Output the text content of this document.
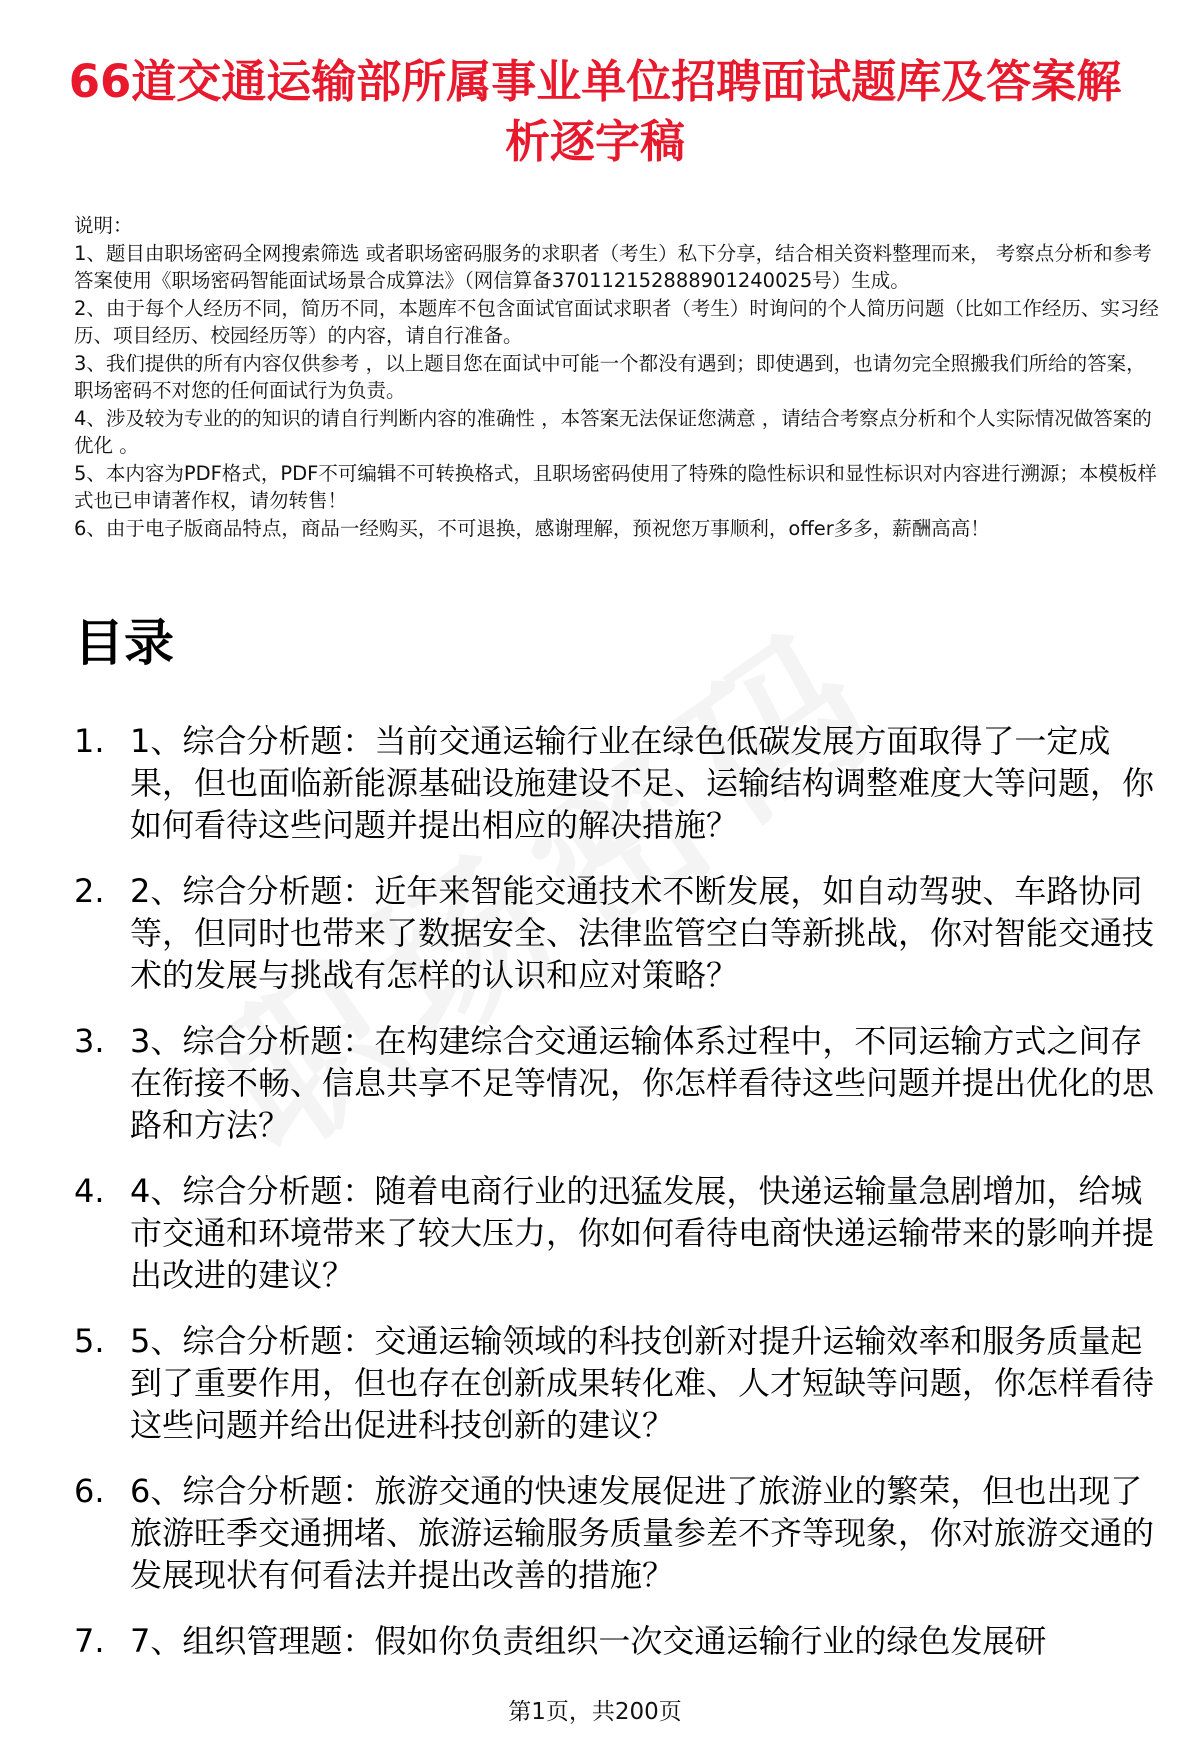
66道交通运输部所属事业单位招聘面试题库及答案解析逐字稿

说明：

1、题目由职场密码全网搜索筛选 或者职场密码服务的求职者（考生）私下分享，结合相关资料整理而来， 考察点分析和参考答案使用《职场密码智能面试场景合成算法》（网信算备370112152888901240025号）生成。

2、由于每个人经历不同，简历不同，本题库不包含面试官面试求职者（考生）时询问的个人简历问题（比如工作经历、实习经历、项目经历、校园经历等）的内容，请自行准备。

3、我们提供的所有内容仅供参考 ，以上题目您在面试中可能一个都没有遇到；即使遇到，也请勿完全照搬我们所给的答案，职场密码不对您的任何面试行为负责。

4、涉及较为专业的的知识的请自行判断内容的准确性 ，本答案无法保证您满意 ，请结合考察点分析和个人实际情况做答案的优化 。

5、本内容为PDF格式，PDF不可编辑不可转换格式，且职场密码使用了特殊的隐性标识和显性标识对内容进行溯源；本模板样式也已申请著作权，请勿转售！

6、由于电子版商品特点，商品一经购买，不可退换，感谢理解，预祝您万事顺利，offer多多，薪酬高高！

目录
1. 1、综合分析题：当前交通运输行业在绿色低碳发展方面取得了一定成果，但也面临新能源基础设施建设不足、运输结构调整难度大等问题，你如何看待这些问题并提出相应的解决措施？
2. 2、综合分析题：近年来智能交通技术不断发展，如自动驾驶、车路协同等，但同时也带来了数据安全、法律监管空白等新挑战，你对智能交通技术的发展与挑战有怎样的认识和应对策略？
3. 3、综合分析题：在构建综合交通运输体系过程中，不同运输方式之间存在衔接不畅、信息共享不足等情况，你怎样看待这些问题并提出优化的思路和方法？
4. 4、综合分析题：随着电商行业的迅猛发展，快递运输量急剧增加，给城市交通和环境带来了较大压力，你如何看待电商快递运输带来的影响并提出改进的建议？
5. 5、综合分析题：交通运输领域的科技创新对提升运输效率和服务质量起到了重要作用，但也存在创新成果转化难、人才短缺等问题，你怎样看待这些问题并给出促进科技创新的建议？
6. 6、综合分析题：旅游交通的快速发展促进了旅游业的繁荣，但也出现了旅游旺季交通拥堵、旅游运输服务质量参差不齐等现象，你对旅游交通的发展现状有何看法并提出改善的措施？
7. 7、组织管理题：假如你负责组织一次交通运输行业的绿色发展研
第1页，共200页
